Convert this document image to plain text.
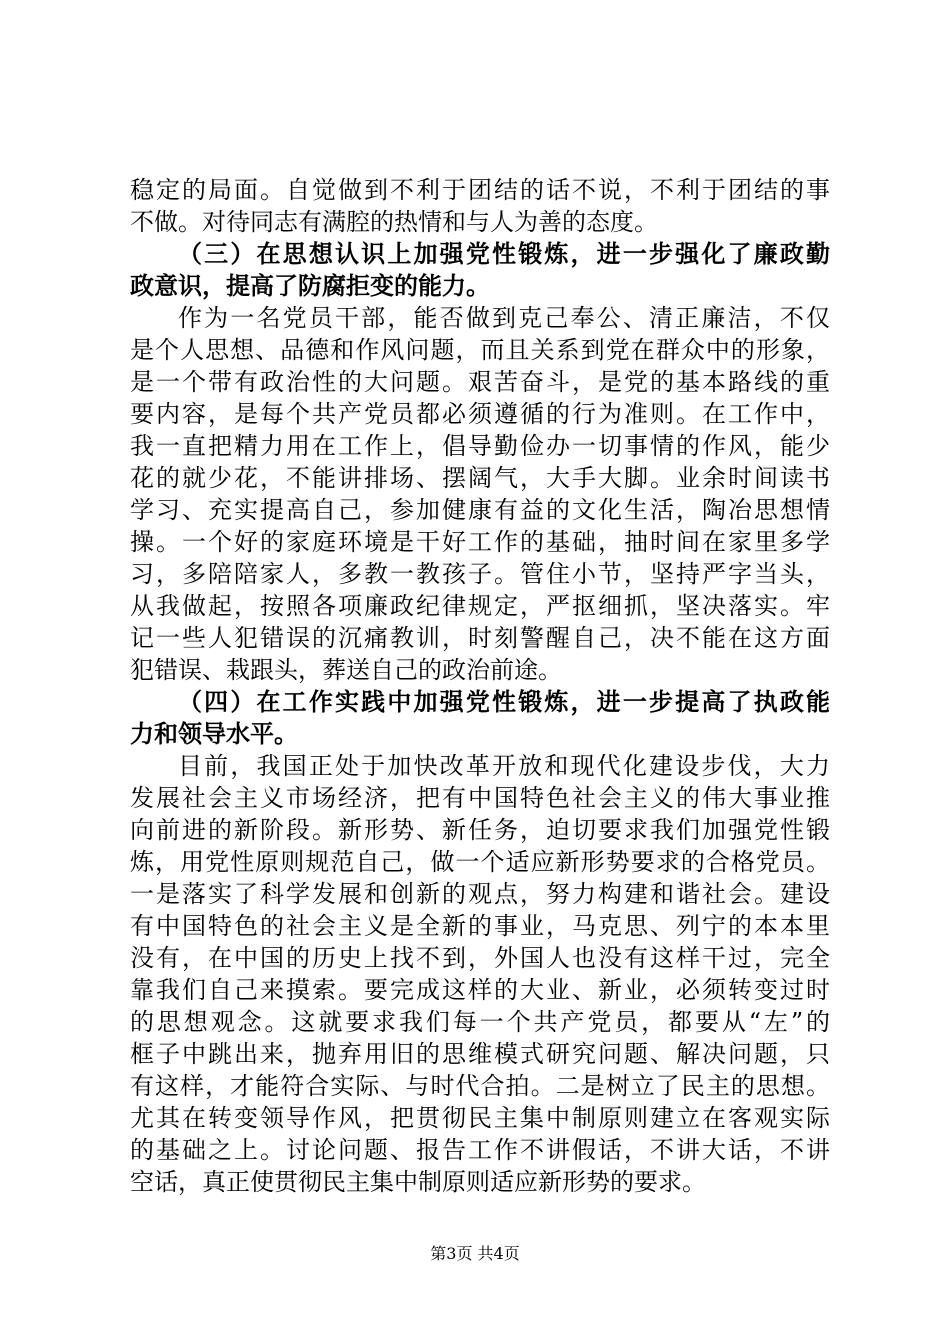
稳定的局面。自觉做到不利于团结的话不说，不利于团结的事
不做。对待同志有满腔的热情和与人为善的态度。
（三）在思想认识上加强党性锻炼，进一步强化了廉政勤
政意识，提高了防腐拒变的能力。
作为一名党员干部，能否做到克己奉公、清正廉洁，不仅
是个人思想、品德和作风问题，而且关系到党在群众中的形象，
是一个带有政治性的大问题。艰苦奋斗，是党的基本路线的重
要内容，是每个共产党员都必须遵循的行为准则。在工作中，
我一直把精力用在工作上，倡导勤俭办一切事情的作风，能少
花的就少花，不能讲排场、摆阔气，大手大脚。业余时间读书
学习、充实提高自己，参加健康有益的文化生活，陶冶思想情
操。一个好的家庭环境是干好工作的基础，抽时间在家里多学
习，多陪陪家人，多教一教孩子。管住小节，坚持严字当头，
从我做起，按照各项廉政纪律规定，严抠细抓，坚决落实。牢
记一些人犯错误的沉痛教训，时刻警醒自己，决不能在这方面
犯错误、栽跟头，葬送自己的政治前途。
（四）在工作实践中加强党性锻炼，进一步提高了执政能
力和领导水平。
目前，我国正处于加快改革开放和现代化建设步伐，大力
发展社会主义市场经济，把有中国特色社会主义的伟大事业推
向前进的新阶段。新形势、新任务，迫切要求我们加强党性锻
炼，用党性原则规范自己，做一个适应新形势要求的合格党员。
一是落实了科学发展和创新的观点，努力构建和谐社会。建设
有中国特色的社会主义是全新的事业，马克思、列宁的本本里
没有，在中国的历史上找不到，外国人也没有这样干过，完全
靠我们自己来摸索。要完成这样的大业、新业，必须转变过时
的思想观念。这就要求我们每一个共产党员，都要从“左”的
框子中跳出来，抛弃用旧的思维模式研究问题、解决问题，只
有这样，才能符合实际、与时代合拍。二是树立了民主的思想。
尤其在转变领导作风，把贯彻民主集中制原则建立在客观实际
的基础之上。讨论问题、报告工作不讲假话，不讲大话，不讲
空话，真正使贯彻民主集中制原则适应新形势的要求。
第3页 共4页
